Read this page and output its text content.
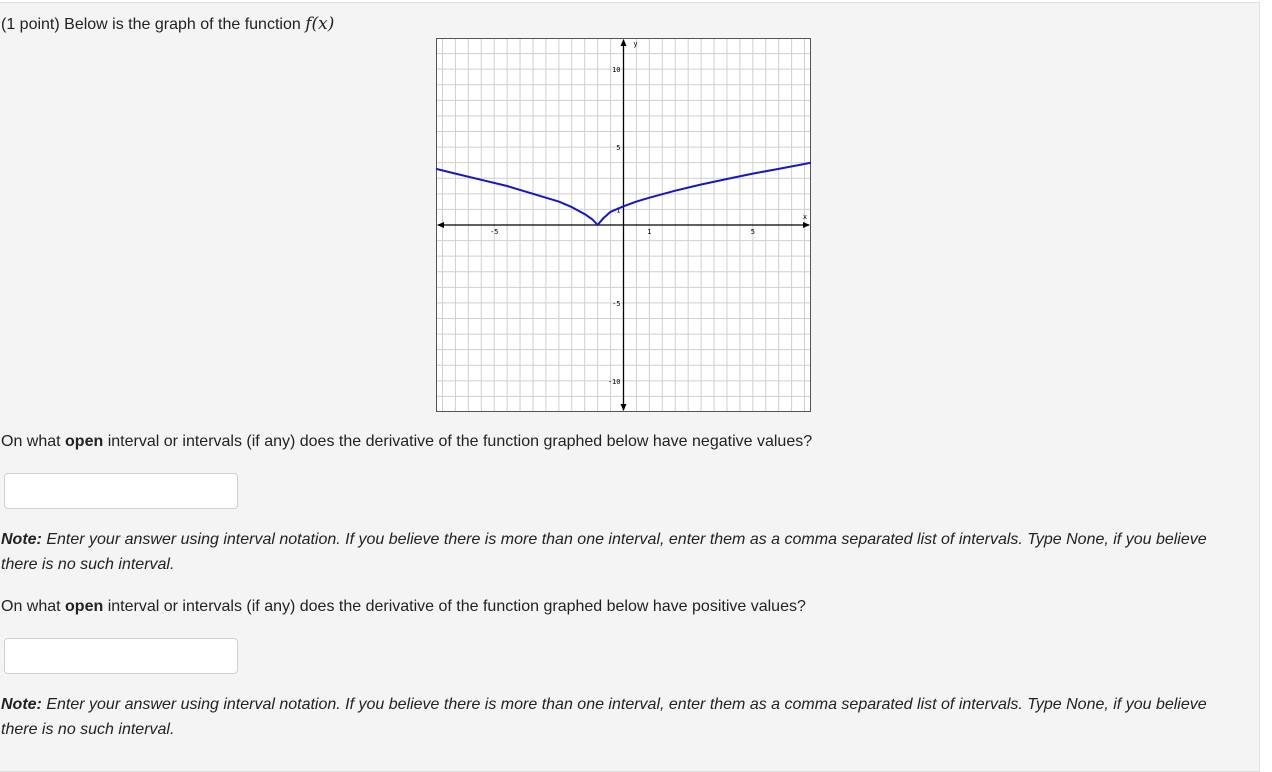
(1 point) Below is the graph of the function f(x)
x
y
-5	1	5
10
5
1
-5
-10
On what open interval or intervals (if any) does the derivative of the function graphed below have negative values?
Note: Enter your answer using interval notation. If you believe there is more than one interval, enter them as a comma separated list of intervals. Type None, if you believe there is no such interval.
On what open interval or intervals (if any) does the derivative of the function graphed below have positive values?
Note: Enter your answer using interval notation. If you believe there is more than one interval, enter them as a comma separated list of intervals. Type None, if you believe there is no such interval.
